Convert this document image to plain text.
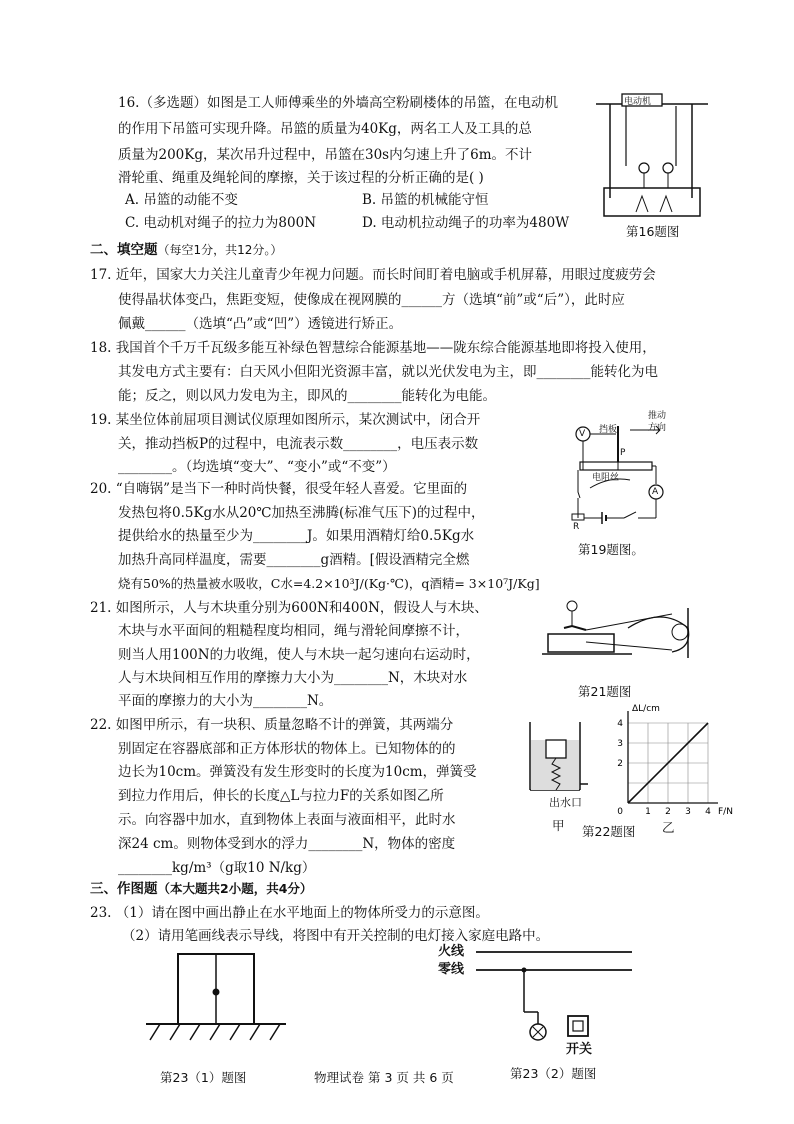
16.（多选题）如图是工人师傅乘坐的外墙高空粉刷楼体的吊篮，在电动机
的作用下吊篮可实现升降。吊篮的质量为40Kg，两名工人及工具的总
质量为200Kg，某次吊升过程中，吊篮在30s内匀速上升了6m。不计
滑轮重、绳重及绳轮间的摩擦，关于该过程的分析正确的是( )
A. 吊篮的动能不变	B. 吊篮的机械能守恒
C. 电动机对绳子的拉力为800N	D. 电动机拉动绳子的功率为480W
电动机
第16题图
二、填空题（每空1分，共12分。）
17. 近年，国家大力关注儿童青少年视力问题。而长时间盯着电脑或手机屏幕，用眼过度疲劳会
使得晶状体变凸，焦距变短，使像成在视网膜的______方（选填“前”或“后”），此时应
佩戴______（选填“凸”或“凹”）透镜进行矫正。
18. 我国首个千万千瓦级多能互补绿色智慧综合能源基地——陇东综合能源基地即将投入使用，
其发电方式主要有：白天风小但阳光资源丰富，就以光伏发电为主，即________能转化为电
能；反之，则以风力发电为主，即风的________能转化为电能。
19. 某坐位体前屈项目测试仪原理如图所示，某次测试中，闭合开
关，推动挡板P的过程中，电流表示数________，电压表示数
________。（均选填“变大”、“变小”或“不变”）
V
A
挡板
推动
方向
P
电阻丝
R
第19题图。
20. “自嗨锅”是当下一种时尚快餐，很受年轻人喜爱。它里面的
发热包将0.5Kg水从20℃加热至沸腾(标准气压下)的过程中，
提供给水的热量至少为________J。如果用酒精灯给0.5Kg水
加热升高同样温度，需要________g酒精。[假设酒精完全燃
烧有50%的热量被水吸收，C水=4.2×10³J/(Kg·℃)，q酒精= 3×10⁷J/Kg]
21. 如图所示，人与木块重分别为600N和400N，假设人与木块、
木块与水平面间的粗糙程度均相同，绳与滑轮间摩擦不计，
则当人用100N的力收绳，使人与木块一起匀速向右运动时，
人与木块间相互作用的摩擦力大小为________N，木块对水
平面的摩擦力的大小为________N。
第21题图
22. 如图甲所示，有一块积、质量忽略不计的弹簧，其两端分
别固定在容器底部和正方体形状的物体上。已知物体的的
边长为10cm。弹簧没有发生形变时的长度为10cm，弹簧受
到拉力作用后，伸长的长度△L与拉力F的关系如图乙所
示。向容器中加水，直到物体上表面与液面相平，此时水
深24 cm。则物体受到水的浮力________N，物体的密度
________kg/m³（g取10 N/kg）
出水口
甲 第22题图 乙
1 2 3 4
2
3
4
0	F/N
ΔL/cm
三、作图题（本大题共2小题，共4分）
23. （1）请在图中画出静止在水平地面上的物体所受力的示意图。
（2）请用笔画线表示导线，将图中有开关控制的电灯接入家庭电路中。
火线
零线
开关
第23（1）题图	物理试卷 第 3 页 共 6 页	第23（2）题图
